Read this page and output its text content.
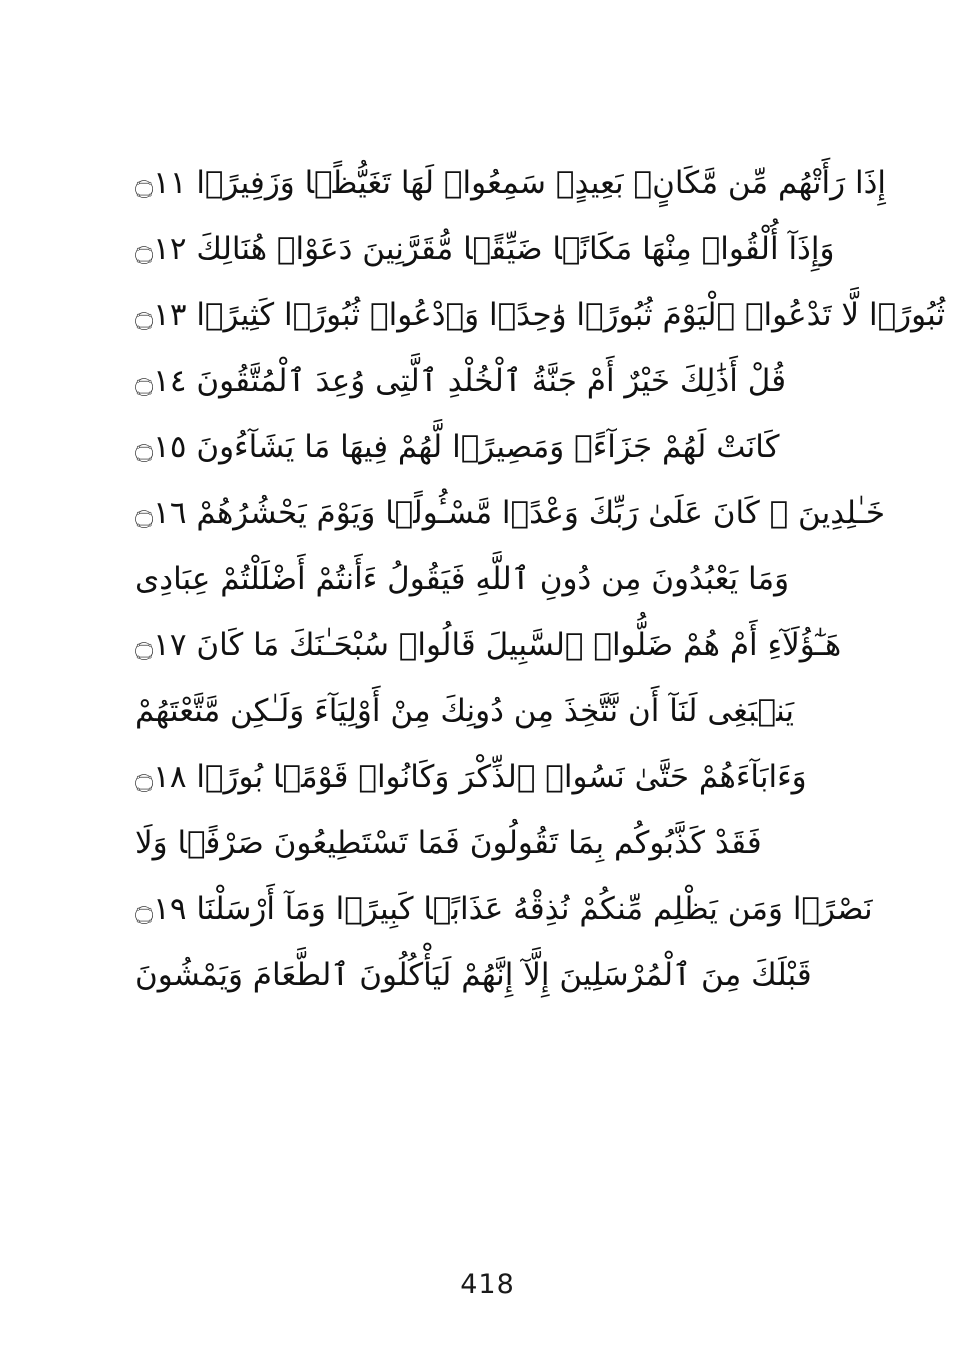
إِذَا رَأَتْهُم مِّن مَّكَانٍۭ بَعِيدٍۢ سَمِعُوا۟ لَهَا تَغَيُّظًۭا وَزَفِيرًۭا ۝١١
وَإِذَآ أُلْقُوا۟ مِنْهَا مَكَانًۭا ضَيِّقًۭا مُّقَرَّنِينَ دَعَوْا۟ هُنَالِكَ ۝١٢
ثُبُورًۭا لَّا تَدْعُوا۟ ٱلْيَوْمَ ثُبُورًۭا وَٰحِدًۭا وَٱدْعُوا۟ ثُبُورًۭا كَثِيرًۭا ۝١٣
قُلْ أَذَٰلِكَ خَيْرٌ أَمْ جَنَّةُ ٱلْخُلْدِ ٱلَّتِى وُعِدَ ٱلْمُتَّقُونَ ۝١٤
كَانَتْ لَهُمْ جَزَآءًۭ وَمَصِيرًۭا لَّهُمْ فِيهَا مَا يَشَآءُونَ ۝١٥
خَـٰلِدِينَ ۚ كَانَ عَلَىٰ رَبِّكَ وَعْدًۭا مَّسْـُٔولًۭا وَيَوْمَ يَحْشُرُهُمْ ۝١٦
وَمَا يَعْبُدُونَ مِن دُونِ ٱللَّهِ فَيَقُولُ ءَأَنتُمْ أَضْلَلْتُمْ عِبَادِى
هَـٰٓؤُلَآءِ أَمْ هُمْ ضَلُّوا۟ ٱلسَّبِيلَ قَالُوا۟ سُبْحَـٰنَكَ مَا كَانَ ۝١٧
يَنۢبَغِى لَنَآ أَن نَّتَّخِذَ مِن دُونِكَ مِنْ أَوْلِيَآءَ وَلَـٰكِن مَّتَّعْتَهُمْ
وَءَابَآءَهُمْ حَتَّىٰ نَسُوا۟ ٱلذِّكْرَ وَكَانُوا۟ قَوْمًۢا بُورًۭا ۝١٨
فَقَدْ كَذَّبُوكُم بِمَا تَقُولُونَ فَمَا تَسْتَطِيعُونَ صَرْفًۭا وَلَا
نَصْرًۭا وَمَن يَظْلِم مِّنكُمْ نُذِقْهُ عَذَابًۭا كَبِيرًۭا وَمَآ أَرْسَلْنَا ۝١٩
قَبْلَكَ مِنَ ٱلْمُرْسَلِينَ إِلَّآ إِنَّهُمْ لَيَأْكُلُونَ ٱلطَّعَامَ وَيَمْشُونَ
418
